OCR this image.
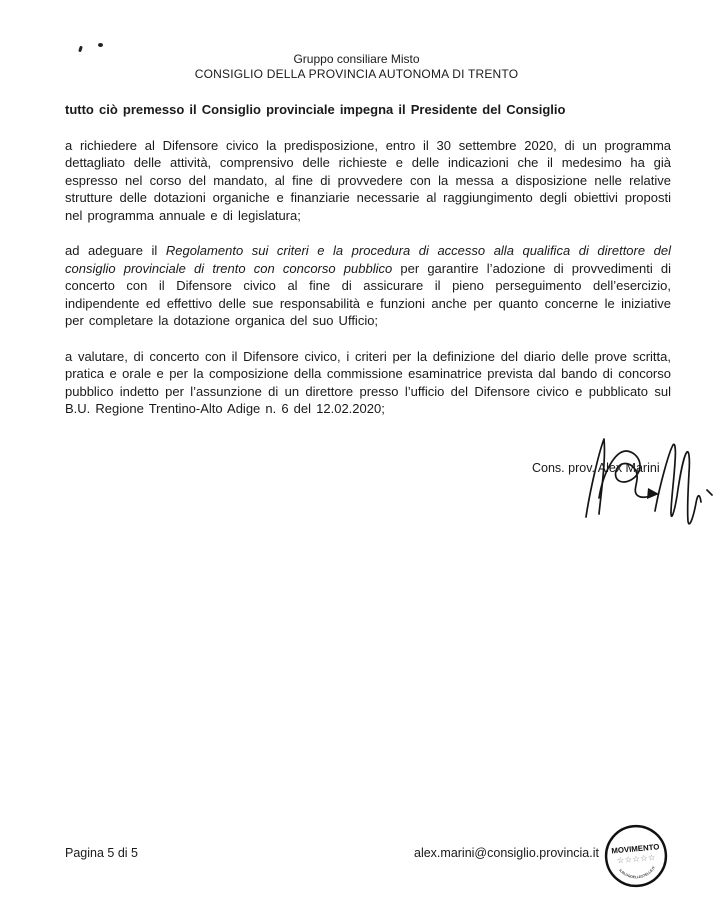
Gruppo consiliare Misto
CONSIGLIO DELLA PROVINCIA AUTONOMA DI TRENTO

tutto ciò premesso il Consiglio provinciale impegna il Presidente del Consiglio

a richiedere al Difensore civico la predisposizione, entro il 30 settembre 2020, di un programma dettagliato delle attività, comprensivo delle richieste e delle indicazioni che il medesimo ha già espresso nel corso del mandato, al fine di provvedere con la messa a disposizione nelle relative strutture delle dotazioni organiche e finanziarie necessarie al raggiungimento degli obiettivi proposti nel programma annuale e di legislatura;

ad adeguare il Regolamento sui criteri e la procedura di accesso alla qualifica di direttore del consiglio provinciale di trento con concorso pubblico per garantire l’adozione di provvedimenti di concerto con il Difensore civico al fine di assicurare il pieno perseguimento dell’esercizio, indipendente ed effettivo delle sue responsabilità e funzioni anche per quanto concerne le iniziative per completare la dotazione organica del suo Ufficio;

a valutare, di concerto con il Difensore civico, i criteri per la definizione del diario delle prove scritta, pratica e orale e per la composizione della commissione esaminatrice prevista dal bando di concorso pubblico indetto per l’assunzione di un direttore presso l’ufficio del Difensore civico e pubblicato sul B.U. Regione Trentino-Alto Adige n. 6 del 12.02.2020;

Cons. prov. Alex Marini
Pagina 5 di 5	alex.marini@consiglio.provincia.it MOVIMENTO
☆☆☆☆☆
ILBLOGDELLESTELLE.IT
